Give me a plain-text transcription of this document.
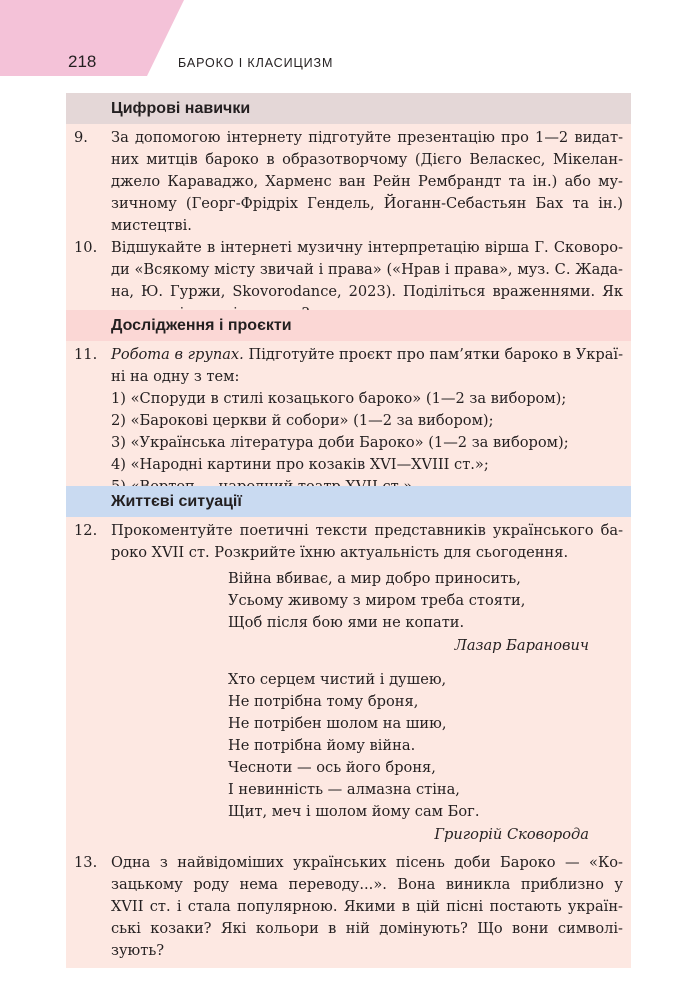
218	БАРОКО І КЛАСИЦИЗМ
Цифрові навички
9. За допомогою інтернету підготуйте презентацію про 1—2 видат-
них митців бароко в образотворчому (Дієго Веласкес, Мікелан-
джело Караваджо, Харменс ван Рейн Рембрандт та ін.) або му-
зичному (Георг-Фрідріх Гендель, Йоганн-Себастьян Бах та ін.)
мистецтві.
10. Відшукайте в інтернеті музичну інтерпретацію вірша Г. Сковоро-
ди «Всякому місту звичай і права» («Нрав і права», муз. С. Жада-
на, Ю. Гуржи, Skovorodance, 2023). Поділіться враженнями. Як
Дослідження і проєкти
11. Робота в групах. Підготуйте проєкт про пам’ятки бароко в Украї-
ні на одну з тем:
1) «Споруди в стилі козацького бароко» (1—2 за вибором);
2) «Барокові церкви й собори» (1—2 за вибором);
3) «Українська література доби Бароко» (1—2 за вибором);
4) «Народні картини про козаків XVI—XVIII ст.»;
Життєві ситуації
12. Прокоментуйте поетичні тексти представників українського ба-
роко XVII ст. Розкрийте їхню актуальність для сьогодення.
Війна вбиває, а мир добро приносить,
Усьому живому з миром треба стояти,
Щоб після бою ями не копати.
Лазар Баранович
Хто серцем чистий і душею,
Не потрібна тому броня,
Не потрібен шолом на шию,
Не потрібна йому війна.
Чесноти — ось його броня,
І невинність — алмазна стіна,
Щит, меч і шолом йому сам Бог.
Григорій Сковорода
13. Одна з найвідоміших українських пісень доби Бароко — «Ко-
зацькому роду нема переводу...». Вона виникла приблизно у
XVII ст. і стала популярною. Якими в цій пісні постають україн-
ські козаки? Які кольори в ній домінують? Що вони символі-
зують?
